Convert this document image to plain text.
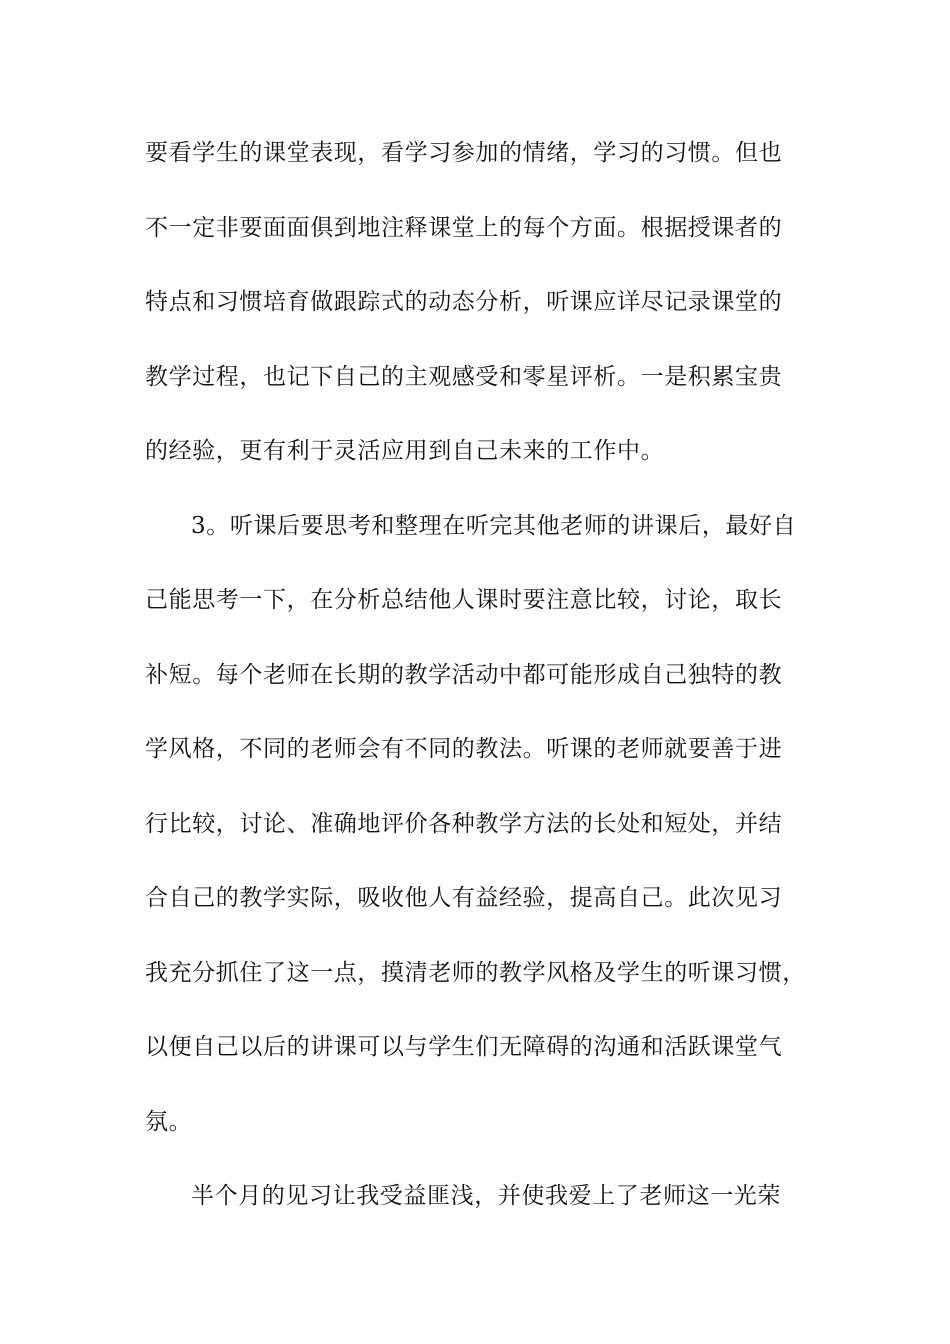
要看学生的课堂表现，看学习参加的情绪，学习的习惯。但也
不一定非要面面俱到地注释课堂上的每个方面。根据授课者的
特点和习惯培育做跟踪式的动态分析，听课应详尽记录课堂的
教学过程，也记下自己的主观感受和零星评析。一是积累宝贵
的经验，更有利于灵活应用到自己未来的工作中。
3。听课后要思考和整理在听完其他老师的讲课后，最好自
己能思考一下，在分析总结他人课时要注意比较，讨论，取长
补短。每个老师在长期的教学活动中都可能形成自己独特的教
学风格，不同的老师会有不同的教法。听课的老师就要善于进
行比较，讨论、准确地评价各种教学方法的长处和短处，并结
合自己的教学实际，吸收他人有益经验，提高自己。此次见习
我充分抓住了这一点，摸清老师的教学风格及学生的听课习惯，
以便自己以后的讲课可以与学生们无障碍的沟通和活跃课堂气
氛。
半个月的见习让我受益匪浅，并使我爱上了老师这一光荣
